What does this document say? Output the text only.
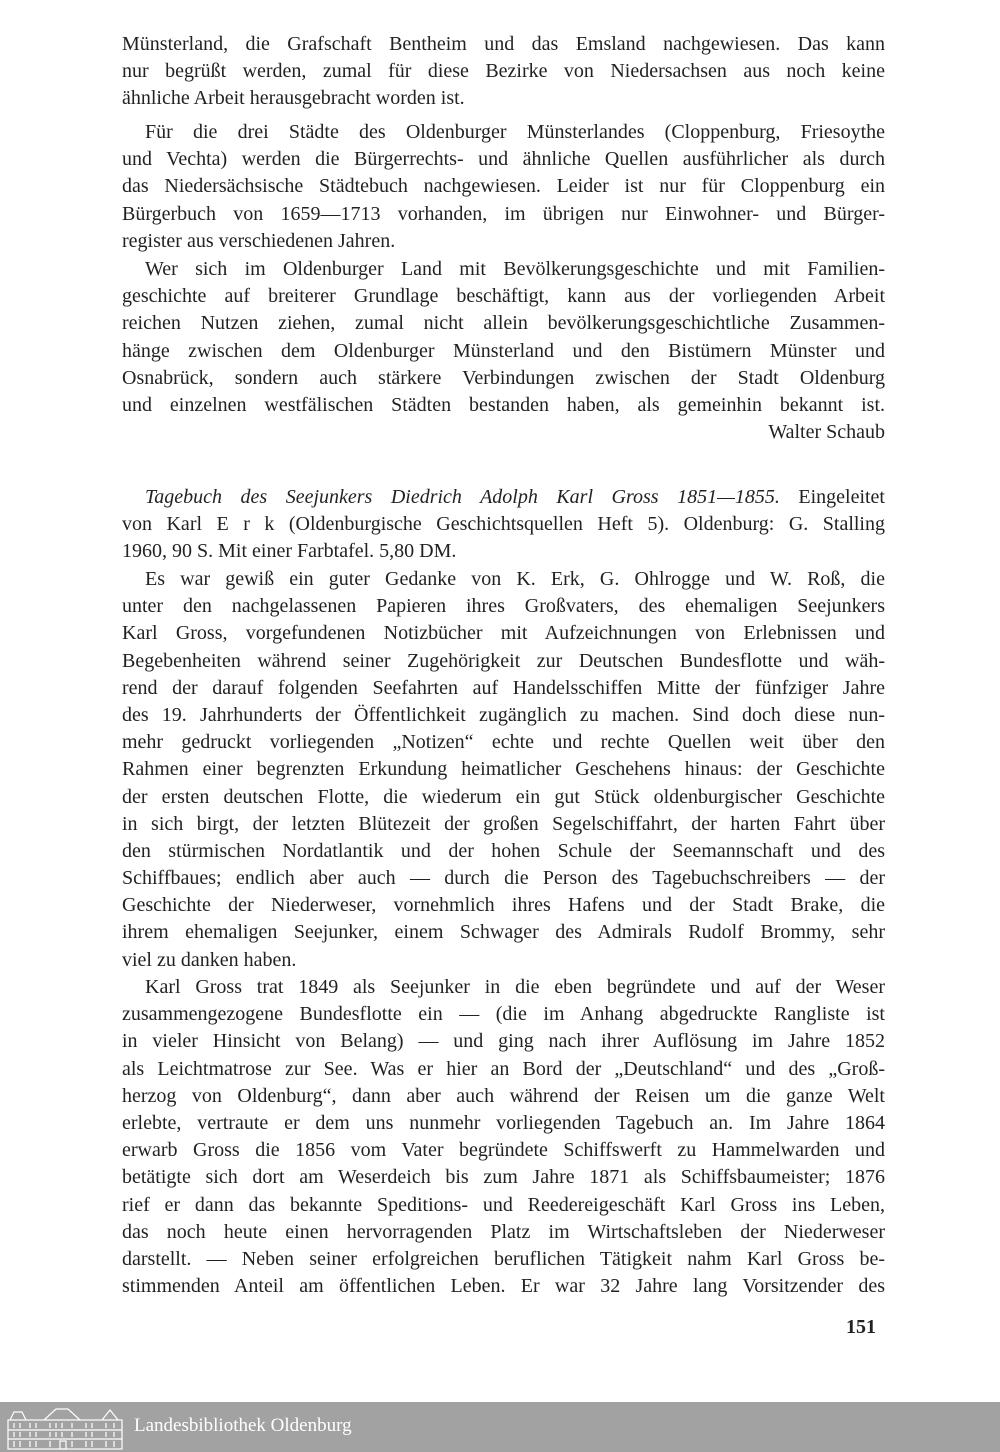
Münsterland, die Grafschaft Bentheim und das Emsland nachgewiesen. Das kann
nur begrüßt werden, zumal für diese Bezirke von Niedersachsen aus noch keine
ähnliche Arbeit herausgebracht worden ist.
Für die drei Städte des Oldenburger Münsterlandes (Cloppenburg, Friesoythe
und Vechta) werden die Bürgerrechts- und ähnliche Quellen ausführlicher als durch
das Niedersächsische Städtebuch nachgewiesen. Leider ist nur für Cloppenburg ein
Bürgerbuch von 1659—1713 vorhanden, im übrigen nur Einwohner- und Bürger-
register aus verschiedenen Jahren.
Wer sich im Oldenburger Land mit Bevölkerungsgeschichte und mit Familien-
geschichte auf breiterer Grundlage beschäftigt, kann aus der vorliegenden Arbeit
reichen Nutzen ziehen, zumal nicht allein bevölkerungsgeschichtliche Zusammen-
hänge zwischen dem Oldenburger Münsterland und den Bistümern Münster und
Osnabrück, sondern auch stärkere Verbindungen zwischen der Stadt Oldenburg
und einzelnen westfälischen Städten bestanden haben, als gemeinhin bekannt ist.
Walter Schaub
Tagebuch des Seejunkers Diedrich Adolph Karl Gross 1851—1855. Eingeleitet
von Karl E r k (Oldenburgische Geschichtsquellen Heft 5). Oldenburg: G. Stalling
1960, 90 S. Mit einer Farbtafel. 5,80 DM.
Es war gewiß ein guter Gedanke von K. Erk, G. Ohlrogge und W. Roß, die
unter den nachgelassenen Papieren ihres Großvaters, des ehemaligen Seejunkers
Karl Gross, vorgefundenen Notizbücher mit Aufzeichnungen von Erlebnissen und
Begebenheiten während seiner Zugehörigkeit zur Deutschen Bundesflotte und wäh-
rend der darauf folgenden Seefahrten auf Handelsschiffen Mitte der fünfziger Jahre
des 19. Jahrhunderts der Öffentlichkeit zugänglich zu machen. Sind doch diese nun-
mehr gedruckt vorliegenden „Notizen“ echte und rechte Quellen weit über den
Rahmen einer begrenzten Erkundung heimatlicher Geschehens hinaus: der Geschichte
der ersten deutschen Flotte, die wiederum ein gut Stück oldenburgischer Geschichte
in sich birgt, der letzten Blütezeit der großen Segelschiffahrt, der harten Fahrt über
den stürmischen Nordatlantik und der hohen Schule der Seemannschaft und des
Schiffbaues; endlich aber auch — durch die Person des Tagebuchschreibers — der
Geschichte der Niederweser, vornehmlich ihres Hafens und der Stadt Brake, die
ihrem ehemaligen Seejunker, einem Schwager des Admirals Rudolf Brommy, sehr
viel zu danken haben.
Karl Gross trat 1849 als Seejunker in die eben begründete und auf der Weser
zusammengezogene Bundesflotte ein — (die im Anhang abgedruckte Rangliste ist
in vieler Hinsicht von Belang) — und ging nach ihrer Auflösung im Jahre 1852
als Leichtmatrose zur See. Was er hier an Bord der „Deutschland“ und des „Groß-
herzog von Oldenburg“, dann aber auch während der Reisen um die ganze Welt
erlebte, vertraute er dem uns nunmehr vorliegenden Tagebuch an. Im Jahre 1864
erwarb Gross die 1856 vom Vater begründete Schiffswerft zu Hammelwarden und
betätigte sich dort am Weserdeich bis zum Jahre 1871 als Schiffsbaumeister; 1876
rief er dann das bekannte Speditions- und Reedereigeschäft Karl Gross ins Leben,
das noch heute einen hervorragenden Platz im Wirtschaftsleben der Niederweser
darstellt. — Neben seiner erfolgreichen beruflichen Tätigkeit nahm Karl Gross be-
stimmenden Anteil am öffentlichen Leben. Er war 32 Jahre lang Vorsitzender des
151
Landesbibliothek Oldenburg
